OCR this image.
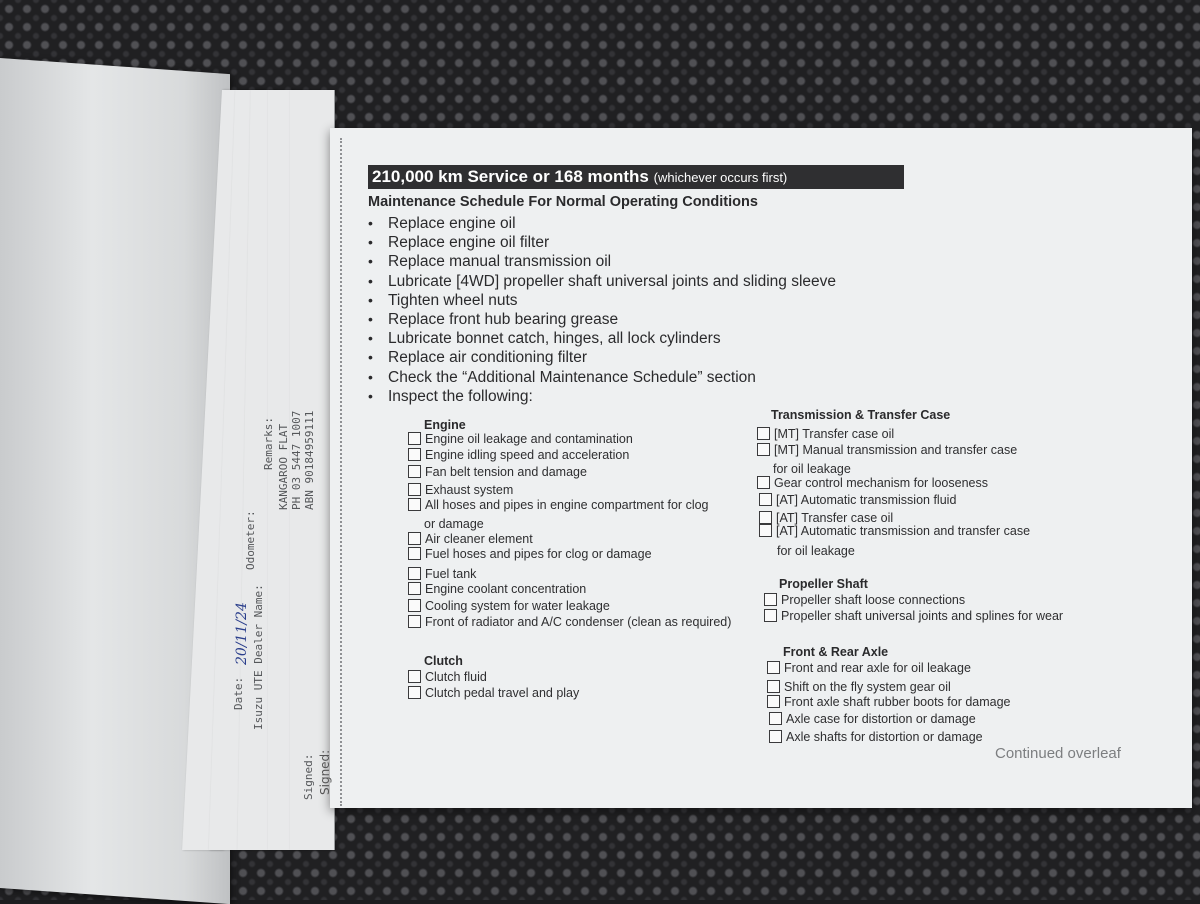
Date:
20/11/24 Isuzu UTE Dealer Name:
Odometer:
Remarks: KANGAROO FLAT PH 03 5447 1007 ABN 90184959111
Signed: Signed:
210,000 km Service or 168 months (whichever occurs first)
Maintenance Schedule For Normal Operating Conditions
• Replace engine oil
• Replace engine oil filter
• Replace manual transmission oil
• Lubricate [4WD] propeller shaft universal joints and sliding sleeve
• Tighten wheel nuts
• Replace front hub bearing grease
• Lubricate bonnet catch, hinges, all lock cylinders
• Replace air conditioning filter
• Check the “Additional Maintenance Schedule” section
• Inspect the following:
Engine
Engine oil leakage and contamination
Engine idling speed and acceleration
Fan belt tension and damage
Exhaust system
All hoses and pipes in engine compartment for clog
or damage
Air cleaner element
Fuel hoses and pipes for clog or damage
Fuel tank
Engine coolant concentration
Cooling system for water leakage
Front of radiator and A/C condenser (clean as required)
Clutch
Clutch fluid
Clutch pedal travel and play
Transmission & Transfer Case
[MT] Transfer case oil
[MT] Manual transmission and transfer case
for oil leakage
Gear control mechanism for looseness
[AT] Automatic transmission fluid
[AT] Transfer case oil
[AT] Automatic transmission and transfer case
for oil leakage
Propeller Shaft
Propeller shaft loose connections
Propeller shaft universal joints and splines for wear
Front & Rear Axle
Front and rear axle for oil leakage
Shift on the fly system gear oil
Front axle shaft rubber boots for damage
Axle case for distortion or damage
Axle shafts for distortion or damage
Continued overleaf
